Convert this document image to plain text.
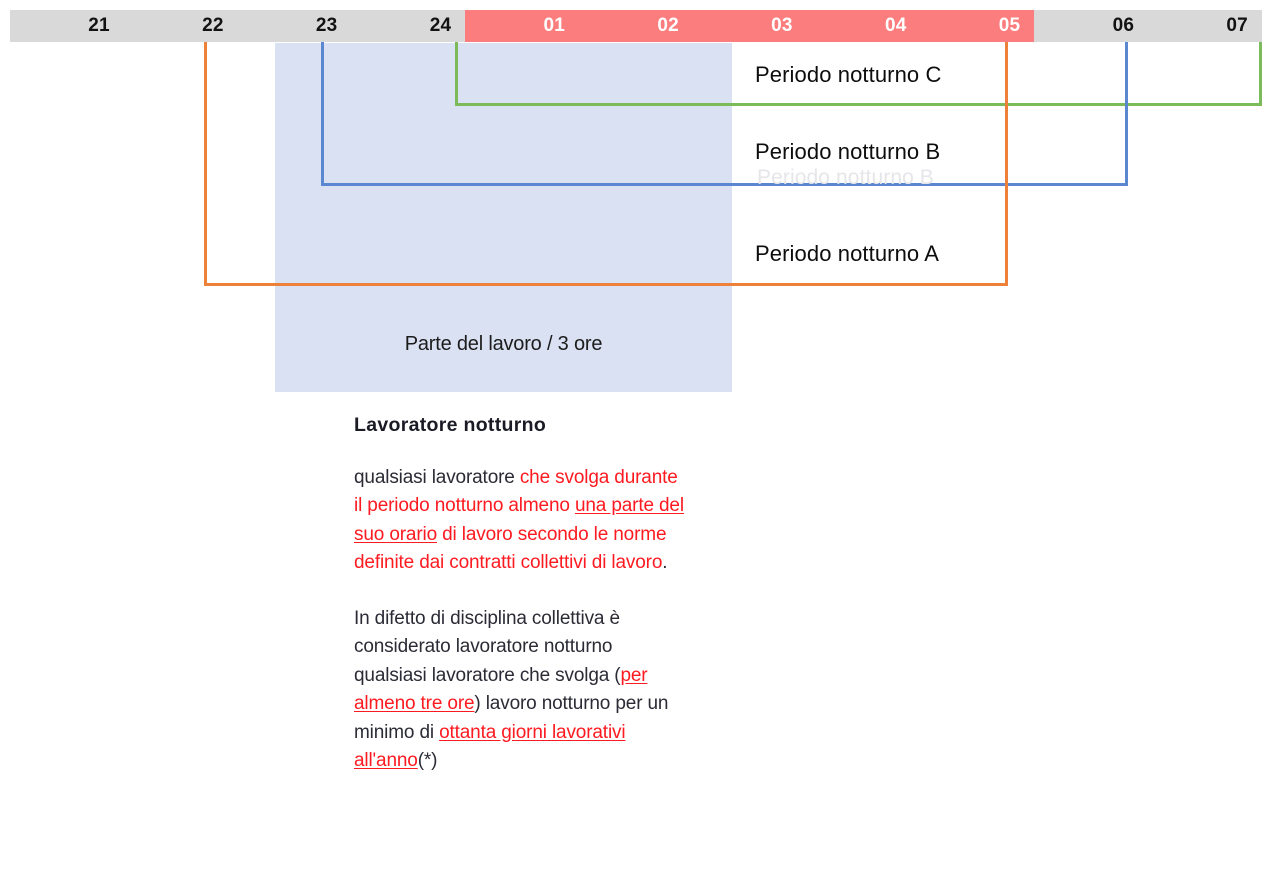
21	22	23	24	01	02	03	04	05	06	07
Periodo notturno C
Periodo notturno B
Periodo notturno B
Periodo notturno A
Parte del lavoro / 3 ore
Lavoratore notturno

qualsiasi lavoratore che svolga durante il periodo notturno almeno una parte del suo orario di lavoro secondo le norme definite dai contratti collettivi di lavoro.

In difetto di disciplina collettiva è considerato lavoratore notturno qualsiasi lavoratore che svolga (per almeno tre ore) lavoro notturno per un minimo di ottanta giorni lavorativi all'anno(*)
